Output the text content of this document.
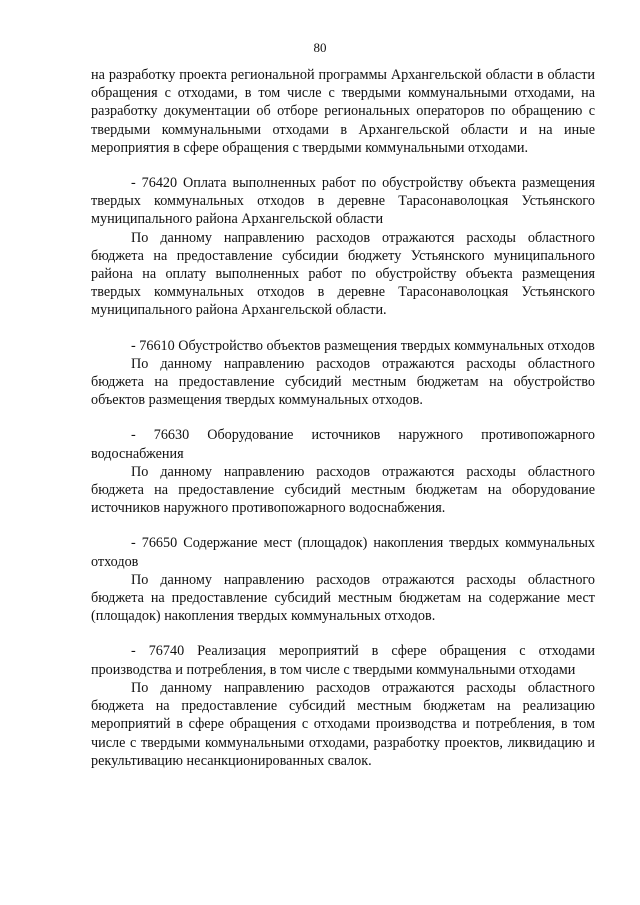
80

на разработку проекта региональной программы Архангельской области в области обращения с отходами, в том числе с твердыми коммунальными отходами, на разработку документации об отборе региональных операторов по обращению с твердыми коммунальными отходами в Архангельской области и на иные мероприятия в сфере обращения с твердыми коммунальными отходами.

- 76420 Оплата выполненных работ по обустройству объекта размещения твердых коммунальных отходов в деревне Тарасонаволоцкая Устьянского муниципального района Архангельской области

По данному направлению расходов отражаются расходы областного бюджета на предоставление субсидии бюджету Устьянского муниципального района на оплату выполненных работ по обустройству объекта размещения твердых коммунальных отходов в деревне Тарасонаволоцкая Устьянского муниципального района Архангельской области.

- 76610 Обустройство объектов размещения твердых коммунальных отходов

По данному направлению расходов отражаются расходы областного бюджета на предоставление субсидий местным бюджетам на обустройство объектов размещения твердых коммунальных отходов.

- 76630 Оборудование источников наружного противопожарного водоснабжения

По данному направлению расходов отражаются расходы областного бюджета на предоставление субсидий местным бюджетам на оборудование источников наружного противопожарного водоснабжения.

- 76650 Содержание мест (площадок) накопления твердых коммунальных отходов

По данному направлению расходов отражаются расходы областного бюджета на предоставление субсидий местным бюджетам на содержание мест (площадок) накопления твердых коммунальных отходов.

- 76740 Реализация мероприятий в сфере обращения с отходами производства и потребления, в том числе с твердыми коммунальными отходами

По данному направлению расходов отражаются расходы областного бюджета на предоставление субсидий местным бюджетам на реализацию мероприятий в сфере обращения с отходами производства и потребления, в том числе с твердыми коммунальными отходами, разработку проектов, ликвидацию и рекультивацию несанкционированных свалок.
